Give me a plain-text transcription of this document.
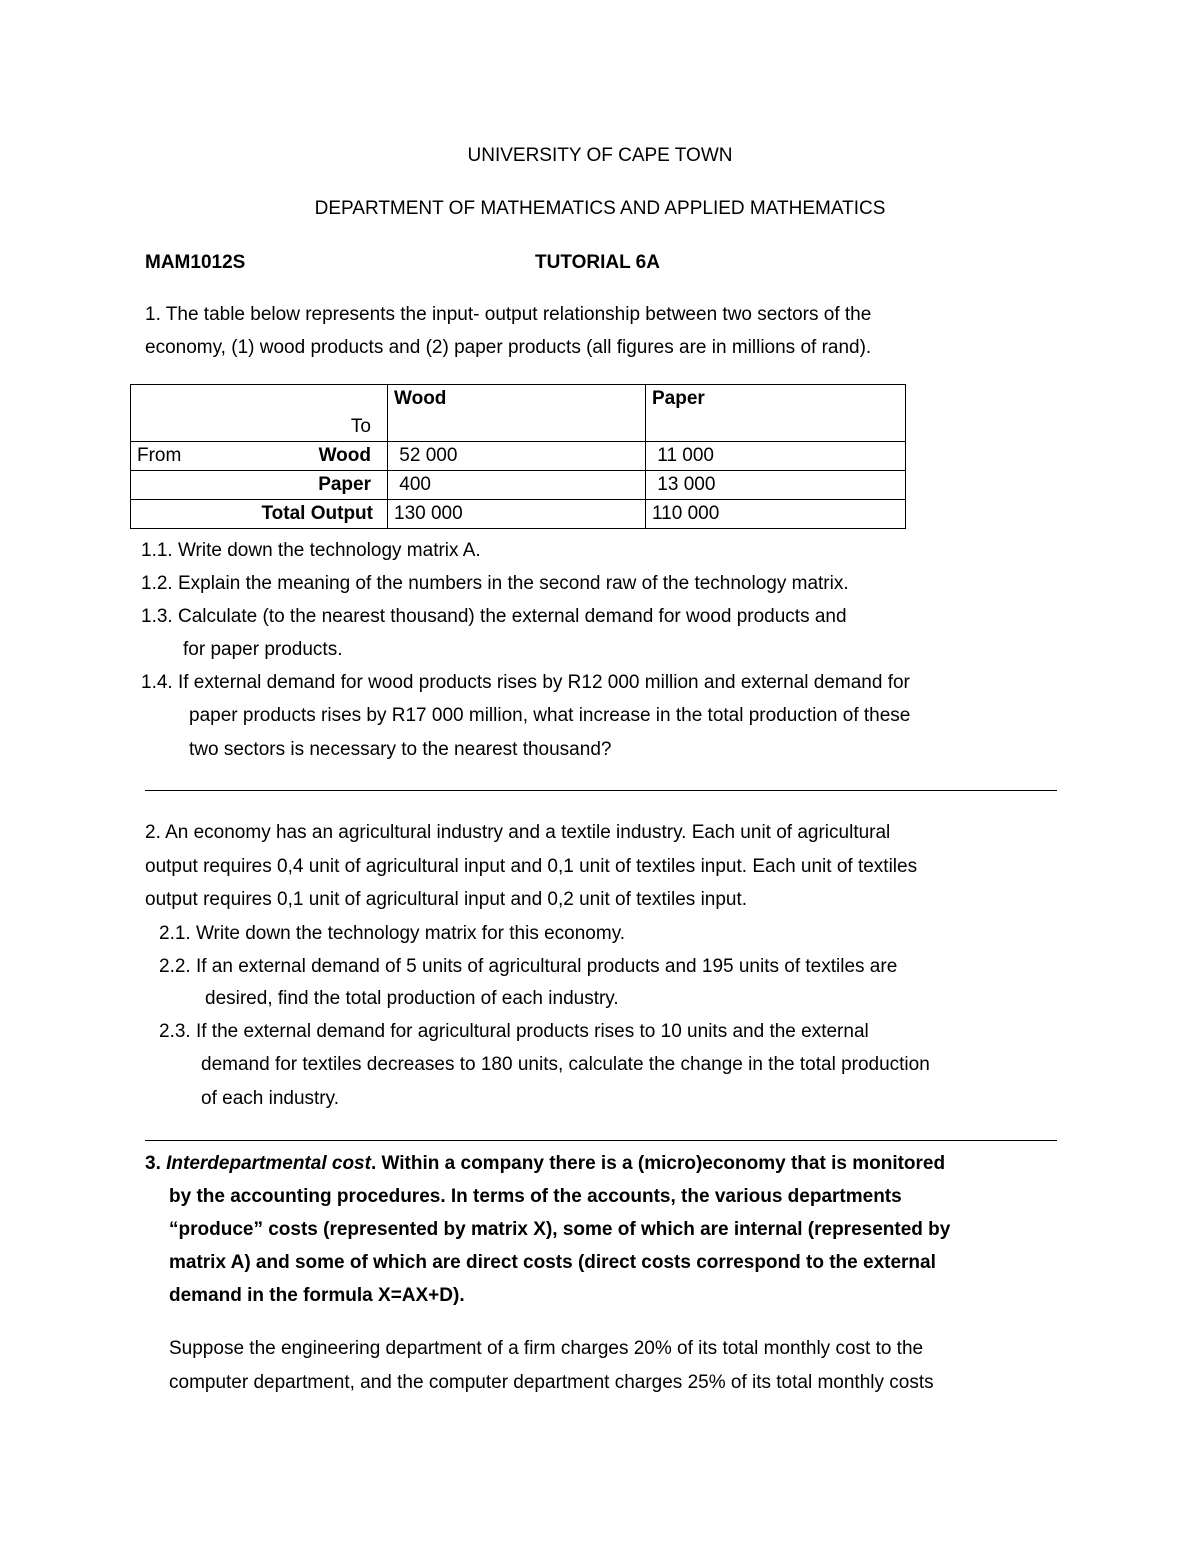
UNIVERSITY OF CAPE TOWN
DEPARTMENT OF MATHEMATICS AND APPLIED MATHEMATICS
MAM1012S	TUTORIAL 6A
1. The table below represents the input- output relationship between two sectors of the
economy, (1) wood products and (2) paper products (all figures are in millions of rand).
To	Wood	Paper

From Wood	52 000	11 000

Paper	400	13 000

Total Output	130 000	110 000
1.1. Write down the technology matrix A.
1.2. Explain the meaning of the numbers in the second raw of the technology matrix.
1.3. Calculate (to the nearest thousand) the external demand for wood products and
for paper products.
1.4. If external demand for wood products rises by R12 000 million and external demand for
paper products rises by R17 000 million, what increase in the total production of these
two sectors is necessary to the nearest thousand?
2. An economy has an agricultural industry and a textile industry. Each unit of agricultural
output requires 0,4 unit of agricultural input and 0,1 unit of textiles input. Each unit of textiles
output requires 0,1 unit of agricultural input and 0,2 unit of textiles input.
2.1. Write down the technology matrix for this economy.
2.2. If an external demand of 5 units of agricultural products and 195 units of textiles are
desired, find the total production of each industry.
2.3. If the external demand for agricultural products rises to 10 units and the external
demand for textiles decreases to 180 units, calculate the change in the total production
of each industry.
3. Interdepartmental cost. Within a company there is a (micro)economy that is monitored
by the accounting procedures. In terms of the accounts, the various departments
“produce” costs (represented by matrix X), some of which are internal (represented by
matrix A) and some of which are direct costs (direct costs correspond to the external
demand in the formula X=AX+D).
Suppose the engineering department of a firm charges 20% of its total monthly cost to the
computer department, and the computer department charges 25% of its total monthly costs
